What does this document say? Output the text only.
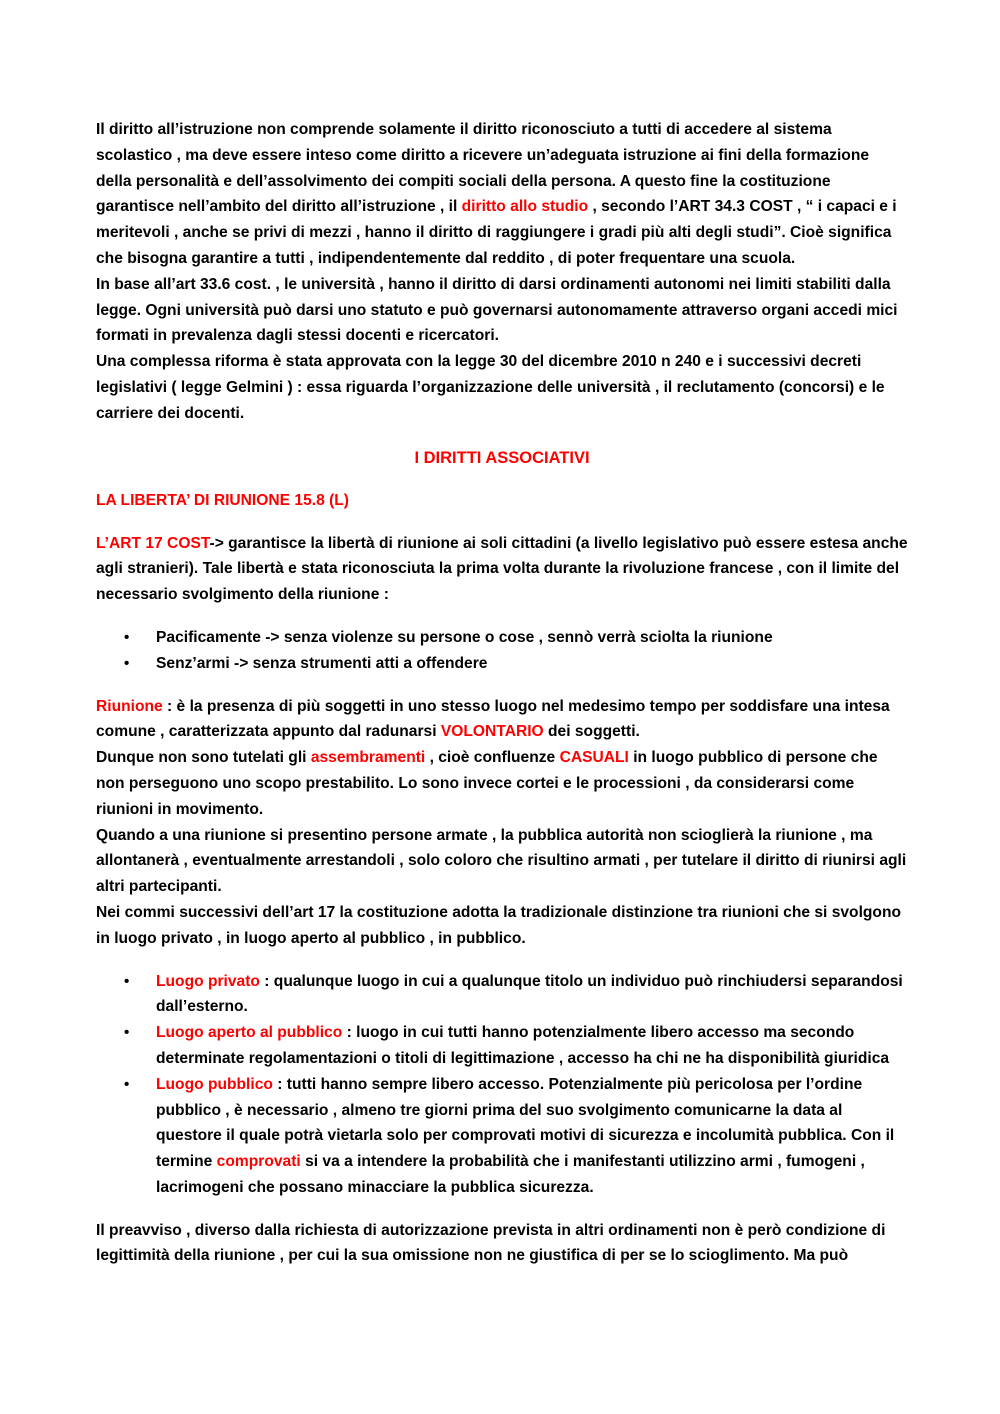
Il diritto all’istruzione non comprende solamente il diritto riconosciuto a tutti di accedere al sistema scolastico , ma deve essere inteso come diritto a ricevere un’adeguata istruzione ai fini della formazione della personalità e dell’assolvimento dei compiti sociali della persona. A questo fine la costituzione garantisce nell’ambito del diritto all’istruzione , il diritto allo studio , secondo l’ART 34.3 COST , “ i capaci e i meritevoli , anche se privi di mezzi , hanno il diritto di raggiungere i gradi più alti degli studi”. Cioè significa che bisogna garantire a tutti , indipendentemente dal reddito , di poter frequentare una scuola.

In base all’art 33.6 cost. , le università , hanno il diritto di darsi ordinamenti autonomi nei limiti stabiliti dalla legge. Ogni università può darsi uno statuto e può governarsi autonomamente attraverso organi accedi mici formati in prevalenza dagli stessi docenti e ricercatori.

Una complessa riforma è stata approvata con la legge 30 del dicembre 2010 n 240 e i successivi decreti legislativi ( legge Gelmini ) : essa riguarda l’organizzazione delle università , il reclutamento (concorsi) e le carriere dei docenti.

I DIRITTI ASSOCIATIVI
LA LIBERTA’ DI RIUNIONE 15.8 (L)

L’ART 17 COST-> garantisce la libertà di riunione ai soli cittadini (a livello legislativo può essere estesa anche agli stranieri). Tale libertà e stata riconosciuta la prima volta durante la rivoluzione francese , con il limite del necessario svolgimento della riunione :

• Pacificamente -> senza violenze su persone o cose , sennò verrà sciolta la riunione
• Senz’armi -> senza strumenti atti a offendere

Riunione : è la presenza di più soggetti in uno stesso luogo nel medesimo tempo per soddisfare una intesa comune , caratterizzata appunto dal radunarsi VOLONTARIO dei soggetti.

Dunque non sono tutelati gli assembramenti , cioè confluenze CASUALI in luogo pubblico di persone che non perseguono uno scopo prestabilito. Lo sono invece cortei e le processioni , da considerarsi come riunioni in movimento.

Quando a una riunione si presentino persone armate , la pubblica autorità non scioglierà la riunione , ma allontanerà , eventualmente arrestandoli , solo coloro che risultino armati , per tutelare il diritto di riunirsi agli altri partecipanti.

Nei commi successivi dell’art 17 la costituzione adotta la tradizionale distinzione tra riunioni che si svolgono in luogo privato , in luogo aperto al pubblico , in pubblico.

• Luogo privato : qualunque luogo in cui a qualunque titolo un individuo può rinchiudersi separandosi dall’esterno.
• Luogo aperto al pubblico : luogo in cui tutti hanno potenzialmente libero accesso ma secondo determinate regolamentazioni o titoli di legittimazione , accesso ha chi ne ha disponibilità giuridica
• Luogo pubblico : tutti hanno sempre libero accesso. Potenzialmente più pericolosa per l’ordine pubblico , è necessario , almeno tre giorni prima del suo svolgimento comunicarne la data al questore il quale potrà vietarla solo per comprovati motivi di sicurezza e incolumità pubblica. Con il termine comprovati si va a intendere la probabilità che i manifestanti utilizzino armi , fumogeni , lacrimogeni che possano minacciare la pubblica sicurezza.

Il preavviso , diverso dalla richiesta di autorizzazione prevista in altri ordinamenti non è però condizione di legittimità della riunione , per cui la sua omissione non ne giustifica di per se lo scioglimento. Ma può
